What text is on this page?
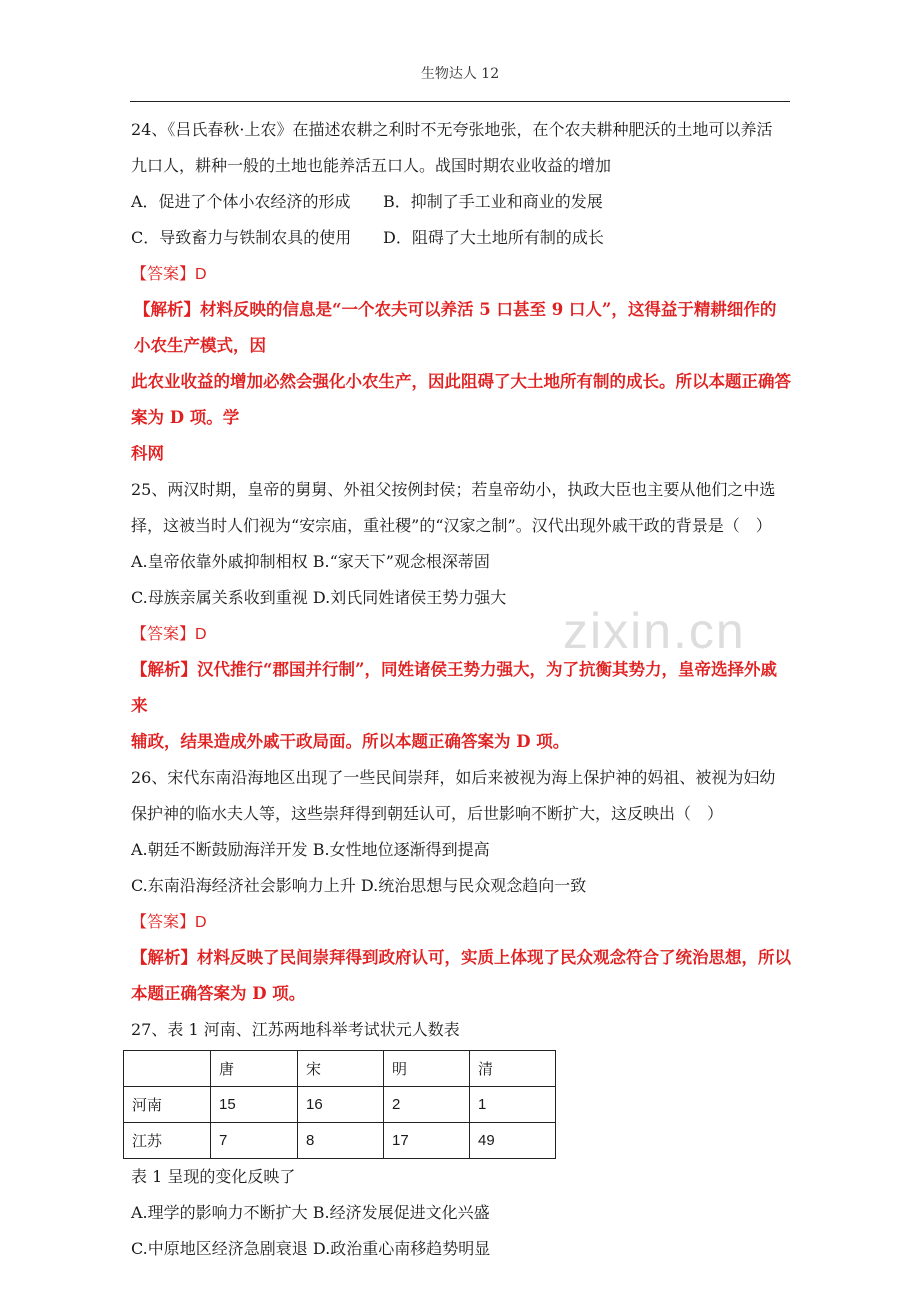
生物达人 12
zixin.cn
24、《吕氏春秋·上农》在描述农耕之利时不无夸张地张，在个农夫耕种肥沃的土地可以养活
九口人，耕种一般的土地也能养活五口人。战国时期农业收益的增加
A．促进了个体小农经济的形成 B．抑制了手工业和商业的发展
C．导致畜力与铁制农具的使用 D．阻碍了大土地所有制的成长
【答案】D
【解析】材料反映的信息是“一个农夫可以养活 5 口甚至 9 口人”，这得益于精耕细作的小农生产模式，因
此农业收益的增加必然会强化小农生产，因此阻碍了大土地所有制的成长。所以本题正确答案为 D 项。学
科网
25、两汉时期，皇帝的舅舅、外祖父按例封侯；若皇帝幼小，执政大臣也主要从他们之中选
择，这被当时人们视为“安宗庙，重社稷”的“汉家之制”。汉代出现外戚干政的背景是（　）
A.皇帝依靠外戚抑制相权 B.“家天下”观念根深蒂固
C.母族亲属关系收到重视 D.刘氏同姓诸侯王势力强大
【答案】D
【解析】汉代推行“郡国并行制”，同姓诸侯王势力强大，为了抗衡其势力，皇帝选择外戚来
辅政，结果造成外戚干政局面。所以本题正确答案为 D 项。
26、宋代东南沿海地区出现了一些民间崇拜，如后来被视为海上保护神的妈祖、被视为妇幼
保护神的临水夫人等，这些崇拜得到朝廷认可，后世影响不断扩大，这反映出（　）
A.朝廷不断鼓励海洋开发 B.女性地位逐渐得到提高
C.东南沿海经济社会影响力上升 D.统治思想与民众观念趋向一致
【答案】D
【解析】材料反映了民间崇拜得到政府认可，实质上体现了民众观念符合了统治思想，所以
本题正确答案为 D 项。
27、表 1 河南、江苏两地科举考试状元人数表
	唐	宋	明	清
河南	15	16	2	1
江苏	7	8	17	49
表 1 呈现的变化反映了
A.理学的影响力不断扩大 B.经济发展促进文化兴盛
C.中原地区经济急剧衰退 D.政治重心南移趋势明显
